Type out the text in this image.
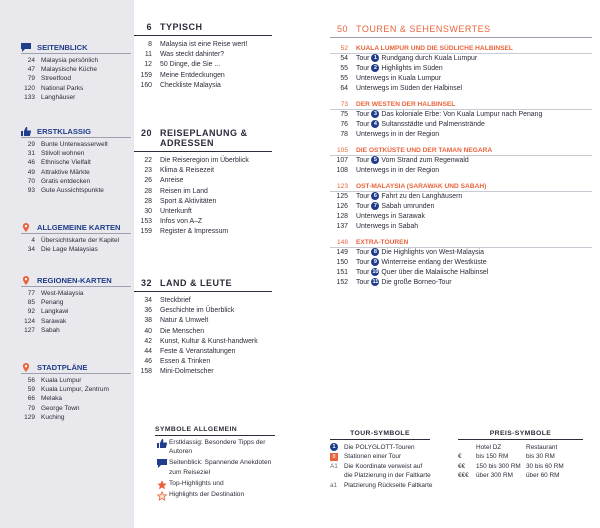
SEITENBLICK
24 Malaysia persönlich
47 Malaysische Küche
79 Streetfood
120 National Parks
133 Langhäuser
ERSTKLASSIG
29 Bunte Unterwasserwelt
31 Stilvoll wohnen
46 Ethnische Vielfalt
49 Attraktive Märkte
70 Gratis entdecken
93 Gute Aussichtspunkte
ALLGEMEINE KARTEN
4 Übersichtskarte der Kapitel
34 Die Lage Malaysias
REGIONEN-KARTEN
77 West-Malaysia
85 Penang
92 Langkawi
124 Sarawak
127 Sabah
STADTPLÄNE
56 Kuala Lumpur
59 Kuala Lumpur, Zentrum
66 Melaka
79 George Town
129 Kuching
6 TYPISCH
8	Malaysia ist eine Reise wert!
11	Was steckt dahinter?
12	50 Dinge, die Sie ...
159	Meine Entdeckungen
160	Checkliste Malaysia
20 REISEPLANUNG &
ADRESSEN
22	Die Reiseregion im Überblick
23	Klima & Reisezeit
26	Anreise
28	Reisen im Land
28	Sport & Aktivitäten
30	Unterkunft
153	Infos von A–Z
159	Register & Impressum
32 LAND & LEUTE
34	Steckbrief
36	Geschichte im Überblick
38	Natur & Umwelt
40	Die Menschen
42	Kunst, Kultur & Kunst-handwerk
44	Feste & Veranstaltungen
46	Essen & Trinken
158	Mini-Dolmetscher
SYMBOLE ALLGEMEIN
Erstklassig: Besondere Tipps der Autoren
Seitenblick: Spannende Anekdoten zum Reiseziel
Top-Highlights und
Highlights der Destination
50 TOUREN & SEHENSWERTES
52	KUALA LUMPUR UND DIE SÜDLICHE HALBINSEL
54	Tour 1 Rundgang durch Kuala Lumpur
55	Tour 2 Highlights im Süden
55	Unterwegs in Kuala Lumpur
64	Unterwegs im Süden der Halbinsel
73	DER WESTEN DER HALBINSEL
75	Tour 3 Das koloniale Erbe: Von Kuala Lumpur nach Penang
76	Tour 4 Sultansstädte und Palmenstrände
78	Unterwegs in in der Region
105	DIE OSTKÜSTE UND DER TAMAN NEGARA
107	Tour 5 Vom Strand zum Regenwald
108	Unterwegs in in der Region
123	OST-MALAYSIA (SARAWAK UND SABAH)
125	Tour 6 Fahrt zu den Langhäusern
126	Tour 7 Sabah umrunden
128	Unterwegs in Sarawak
137	Unterwegs in Sabah
148	EXTRA-TOUREN
149	Tour 8 Die Highlights von West-Malaysia
150	Tour 9 Winterreise entlang der Westküste
151	Tour 10 Quer über die Malaiische Halbinsel
152	Tour 11 Die große Borneo-Tour
TOUR-SYMBOLE
1	Die POLYGLOTT-Touren
8	Stationen einer Tour
A1 Die Koordinate verweist auf
die Platzierung in der Faltkarte
a1	Platzierung Rückseite Faltkarte
PREIS-SYMBOLE
Hotel DZ	Restaurant
€	bis 150 RM	bis 30 RM
€€	150 bis 300 RM 30 bis 60 RM
€€€	über 300 RM	über 60 RM
